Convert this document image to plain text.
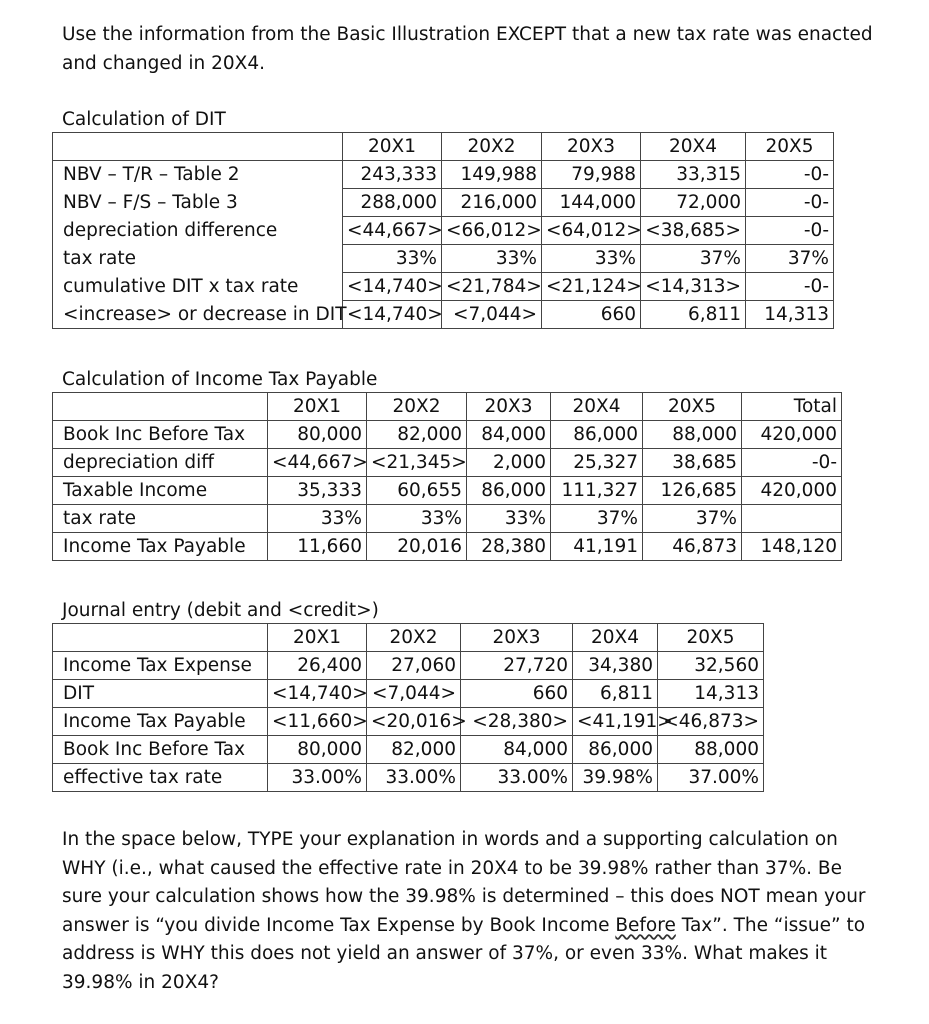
Use the information from the Basic Illustration EXCEPT that a new tax rate was enacted and changed in 20X4.
Calculation of DIT
	20X1	20X2	20X3	20X4	20X5
NBV – T/R – Table 2	243,333	149,988	79,988	33,315	-0-
NBV – F/S – Table 3	288,000	216,000	144,000	72,000	-0-
depreciation difference	<44,667>	<66,012>	<64,012>	<38,685>	-0-
tax rate	33%	33%	33%	37%	37%
cumulative DIT x tax rate	<14,740>	<21,784>	<21,124>	<14,313>	-0-
<increase> or decrease in DIT	<14,740>	<7,044>	660	6,811	14,313
Calculation of Income Tax Payable
	20X1	20X2	20X3	20X4	20X5	Total
Book Inc Before Tax	80,000	82,000	84,000	86,000	88,000	420,000
depreciation diff	<44,667>	<21,345>	2,000	25,327	38,685	-0-
Taxable Income	35,333	60,655	86,000	111,327	126,685	420,000
tax rate	33%	33%	33%	37%	37%	
Income Tax Payable	11,660	20,016	28,380	41,191	46,873	148,120
Journal entry (debit and <credit>)
	20X1	20X2	20X3	20X4	20X5
Income Tax Expense	26,400	27,060	27,720	34,380	32,560
DIT	<14,740>	<7,044>	660	6,811	14,313
Income Tax Payable	<11,660>	<20,016>	<28,380>	<41,191>	<46,873>
Book Inc Before Tax	80,000	82,000	84,000	86,000	88,000
effective tax rate	33.00%	33.00%	33.00%	39.98%	37.00%
In the space below, TYPE your explanation in words and a supporting calculation on WHY (i.e., what caused the effective rate in 20X4 to be 39.98% rather than 37%. Be sure your calculation shows how the 39.98% is determined – this does NOT mean your answer is “you divide Income Tax Expense by Book Income Before Tax”. The “issue” to address is WHY this does not yield an answer of 37%, or even 33%. What makes it 39.98% in 20X4?
